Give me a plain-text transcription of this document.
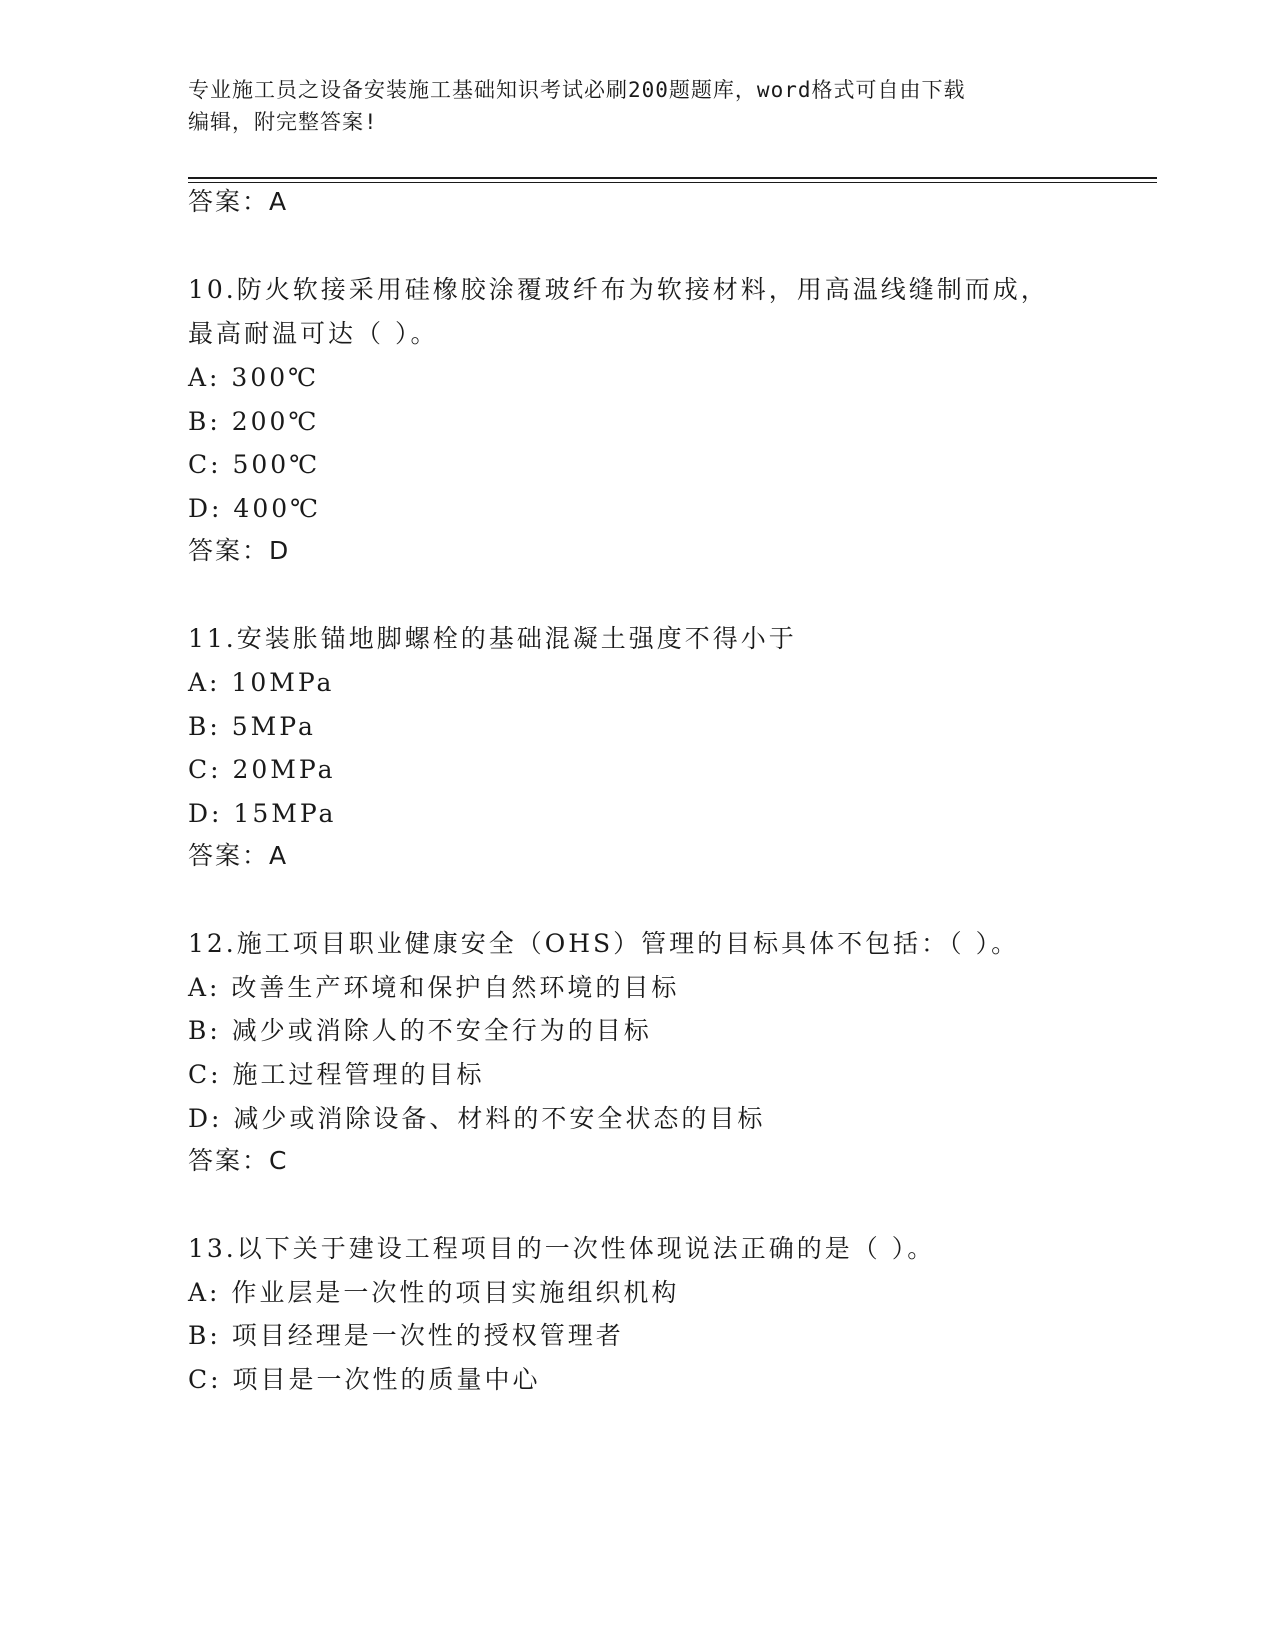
专业施工员之设备安装施工基础知识考试必刷200题题库，word格式可自由下载
编辑，附完整答案!
答案：A
10.防火软接采用硅橡胶涂覆玻纤布为软接材料，用高温线缝制而成，
最高耐温可达（ ）。
A: 300℃
B: 200℃
C: 500℃
D: 400℃
答案：D
11.安装胀锚地脚螺栓的基础混凝土强度不得小于
A: 10MPa
B: 5MPa
C: 20MPa
D: 15MPa
答案：A
12.施工项目职业健康安全（OHS）管理的目标具体不包括：（ ）。
A: 改善生产环境和保护自然环境的目标
B: 减少或消除人的不安全行为的目标
C: 施工过程管理的目标
D: 减少或消除设备、材料的不安全状态的目标
答案：C
13.以下关于建设工程项目的一次性体现说法正确的是（ ）。
A: 作业层是一次性的项目实施组织机构
B: 项目经理是一次性的授权管理者
C: 项目是一次性的质量中心
